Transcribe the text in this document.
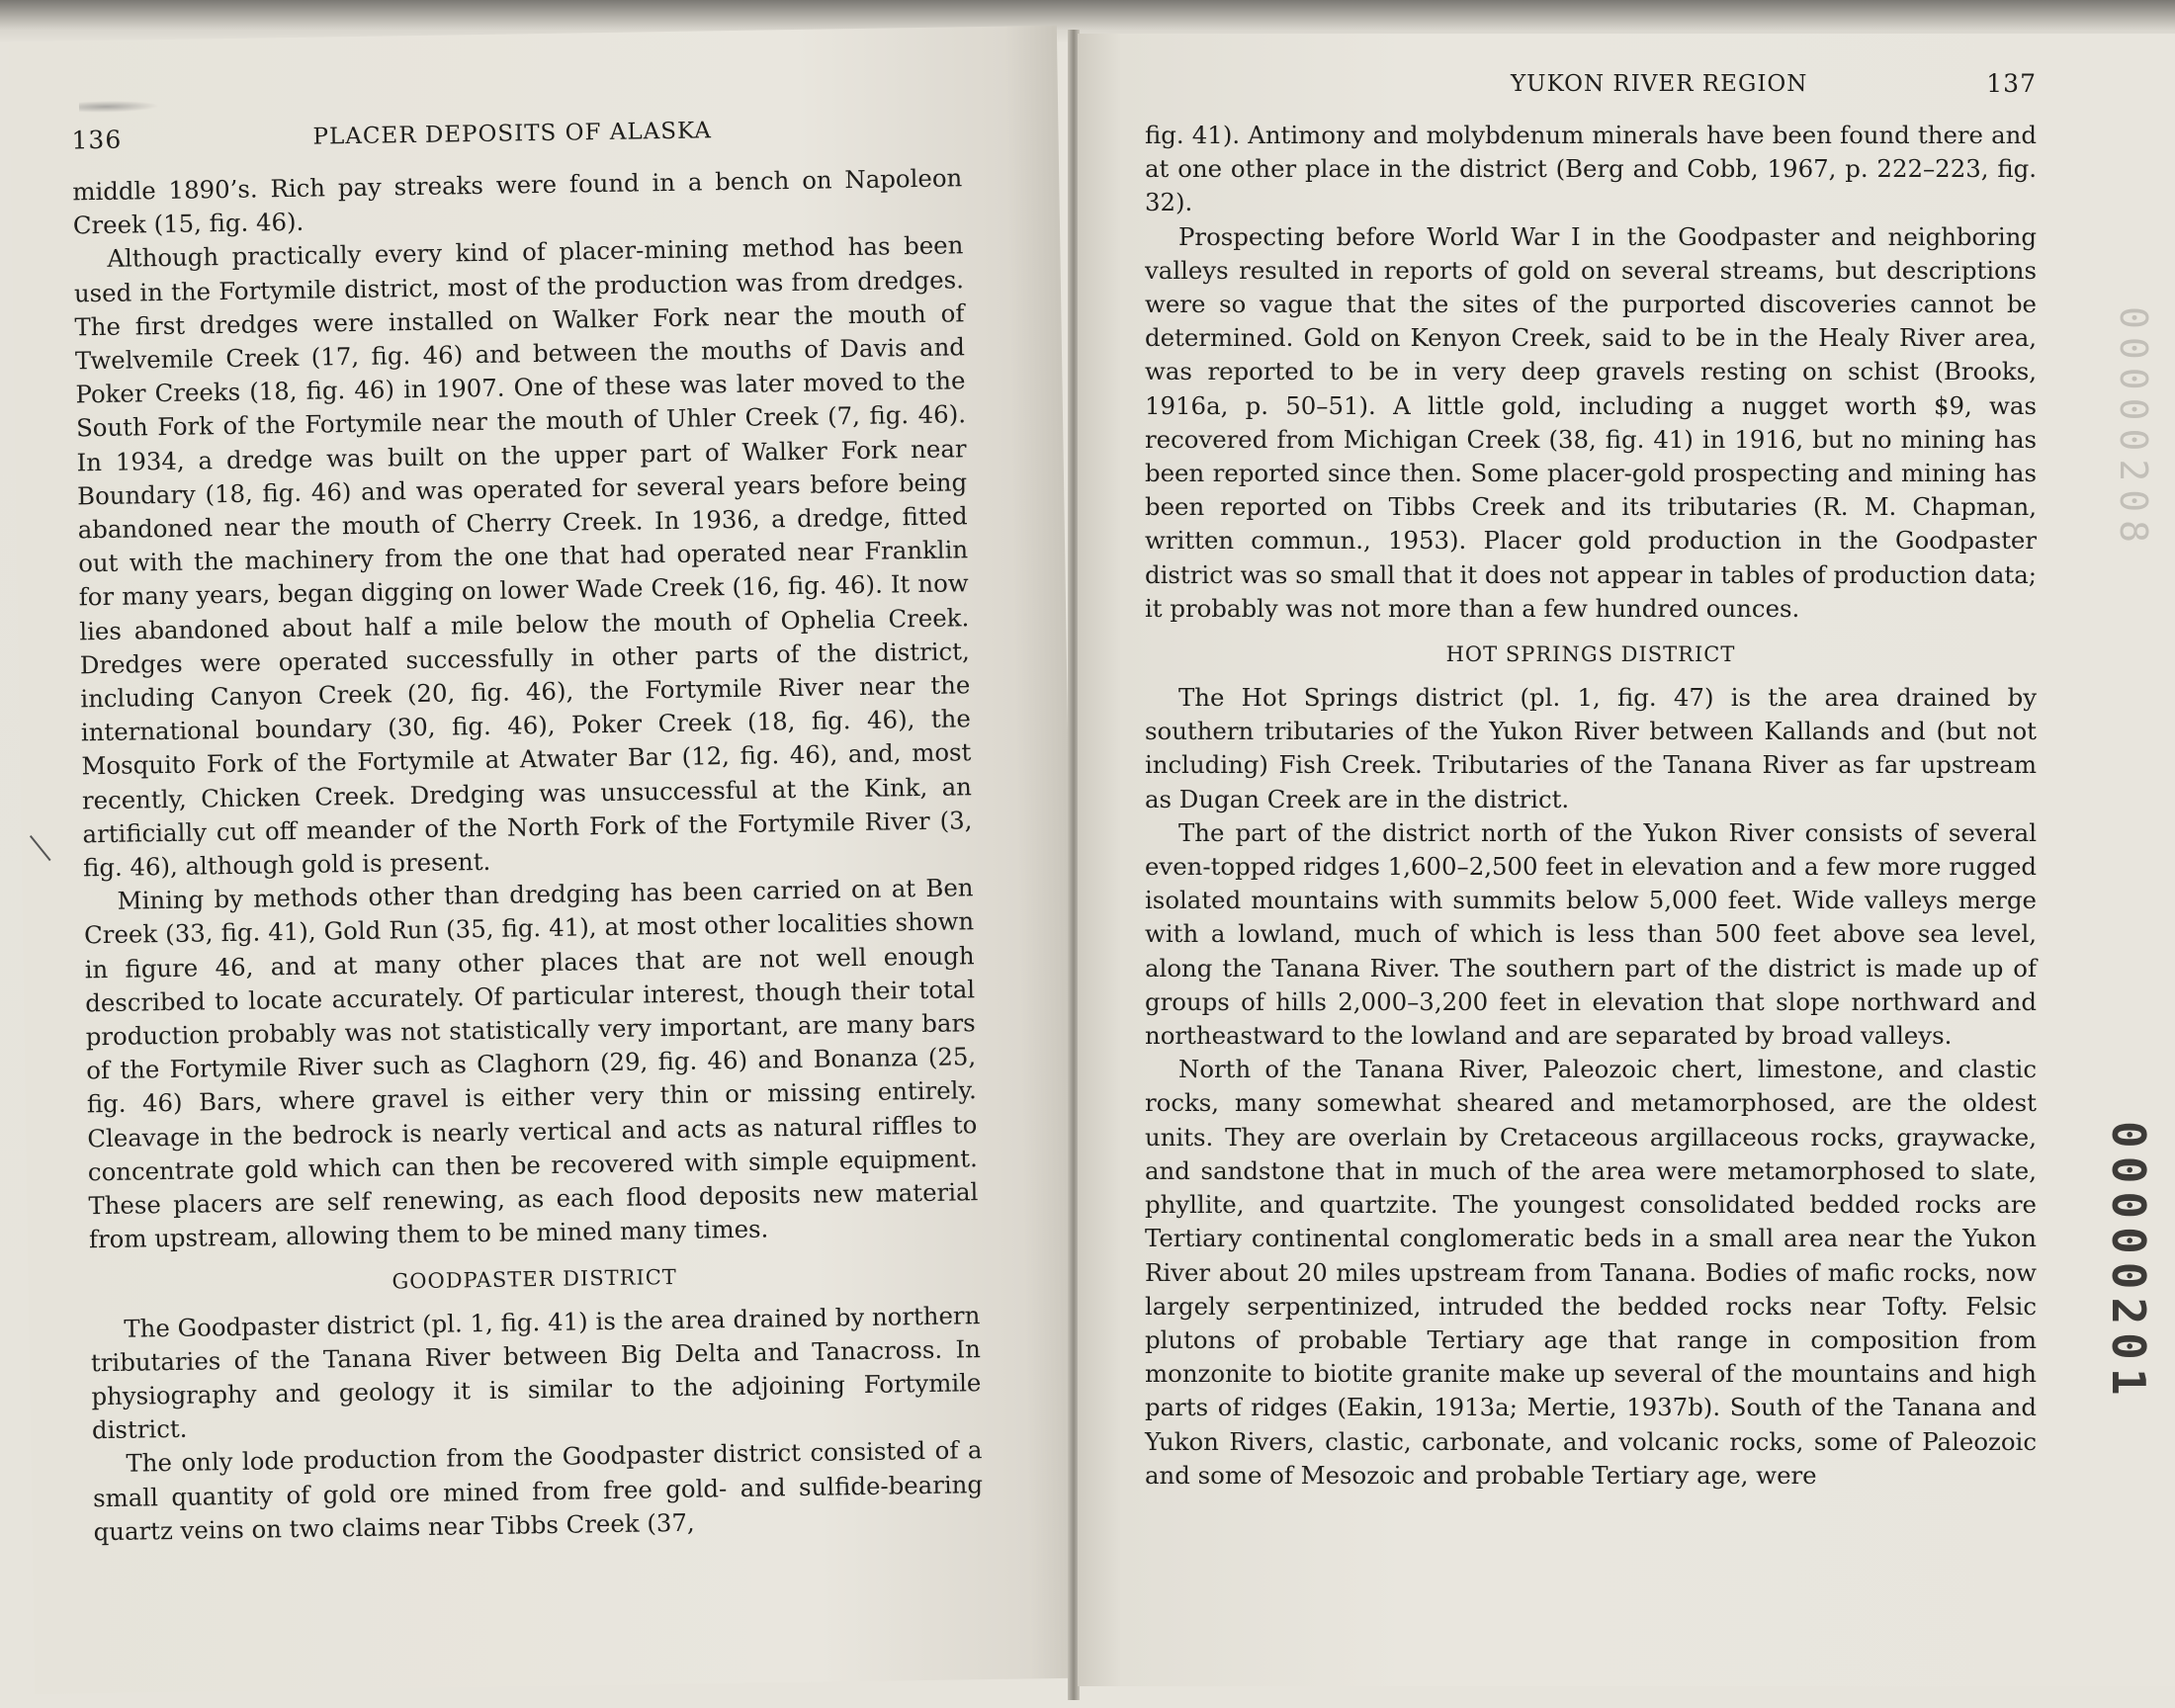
136	PLACER DEPOSITS OF ALASKA

middle 1890’s. Rich pay streaks were found in a bench on Napoleon Creek (15, fig. 46).

Although practically every kind of placer-mining method has been used in the Fortymile district, most of the production was from dredges. The first dredges were installed on Walker Fork near the mouth of Twelvemile Creek (17, fig. 46) and between the mouths of Davis and Poker Creeks (18, fig. 46) in 1907. One of these was later moved to the South Fork of the Fortymile near the mouth of Uhler Creek (7, fig. 46). In 1934, a dredge was built on the upper part of Walker Fork near Boundary (18, fig. 46) and was operated for several years before being abandoned near the mouth of Cherry Creek. In 1936, a dredge, fitted out with the machinery from the one that had operated near Franklin for many years, began digging on lower Wade Creek (16, fig. 46). It now lies abandoned about half a mile below the mouth of Ophelia Creek. Dredges were operated successfully in other parts of the district, including Canyon Creek (20, fig. 46), the Fortymile River near the international boundary (30, fig. 46), Poker Creek (18, fig. 46), the Mosquito Fork of the Fortymile at Atwater Bar (12, fig. 46), and, most recently, Chicken Creek. Dredging was unsuccessful at the Kink, an artificially cut off meander of the North Fork of the Fortymile River (3, fig. 46), although gold is present.

Mining by methods other than dredging has been carried on at Ben Creek (33, fig. 41), Gold Run (35, fig. 41), at most other localities shown in figure 46, and at many other places that are not well enough described to locate accurately. Of particular interest, though their total production probably was not statistically very important, are many bars of the Fortymile River such as Claghorn (29, fig. 46) and Bonanza (25, fig. 46) Bars, where gravel is either very thin or missing entirely. Cleavage in the bedrock is nearly vertical and acts as natural riffles to concentrate gold which can then be recovered with simple equipment. These placers are self renewing, as each flood deposits new material from upstream, allowing them to be mined many times.

GOODPASTER DISTRICT

The Goodpaster district (pl. 1, fig. 41) is the area drained by northern tributaries of the Tanana River between Big Delta and Tanacross. In physiography and geology it is similar to the adjoining Fortymile district.

The only lode production from the Goodpaster district consisted of a small quantity of gold ore mined from free gold- and sulfide-bearing quartz veins on two claims near Tibbs Creek (37,

YUKON RIVER REGION	137

fig. 41). Antimony and molybdenum minerals have been found there and at one other place in the district (Berg and Cobb, 1967, p. 222–223, fig. 32).

Prospecting before World War I in the Goodpaster and neighboring valleys resulted in reports of gold on several streams, but descriptions were so vague that the sites of the purported discoveries cannot be determined. Gold on Kenyon Creek, said to be in the Healy River area, was reported to be in very deep gravels resting on schist (Brooks, 1916a, p. 50–51). A little gold, including a nugget worth $9, was recovered from Michigan Creek (38, fig. 41) in 1916, but no mining has been reported since then. Some placer-gold prospecting and mining has been reported on Tibbs Creek and its tributaries (R. M. Chapman, written commun., 1953). Placer gold production in the Goodpaster district was so small that it does not appear in tables of production data; it probably was not more than a few hundred ounces.

HOT SPRINGS DISTRICT

The Hot Springs district (pl. 1, fig. 47) is the area drained by southern tributaries of the Yukon River between Kallands and (but not including) Fish Creek. Tributaries of the Tanana River as far upstream as Dugan Creek are in the district.

The part of the district north of the Yukon River consists of several even-topped ridges 1,600–2,500 feet in elevation and a few more rugged isolated mountains with summits below 5,000 feet. Wide valleys merge with a lowland, much of which is less than 500 feet above sea level, along the Tanana River. The southern part of the district is made up of groups of hills 2,000–3,200 feet in elevation that slope northward and northeastward to the lowland and are separated by broad valleys.

North of the Tanana River, Paleozoic chert, limestone, and clastic rocks, many somewhat sheared and metamorphosed, are the oldest units. They are overlain by Cretaceous argillaceous rocks, graywacke, and sandstone that in much of the area were metamorphosed to slate, phyllite, and quartzite. The youngest consolidated bedded rocks are Tertiary continental conglomeratic beds in a small area near the Yukon River about 20 miles upstream from Tanana. Bodies of mafic rocks, now largely serpentinized, intruded the bedded rocks near Tofty. Felsic plutons of probable Tertiary age that range in composition from monzonite to biotite granite make up several of the mountains and high parts of ridges (Eakin, 1913a; Mertie, 1937b). South of the Tanana and Yukon Rivers, clastic, carbonate, and volcanic rocks, some of Paleozoic and some of Mesozoic and probable Tertiary age, were

00000208
00000201
